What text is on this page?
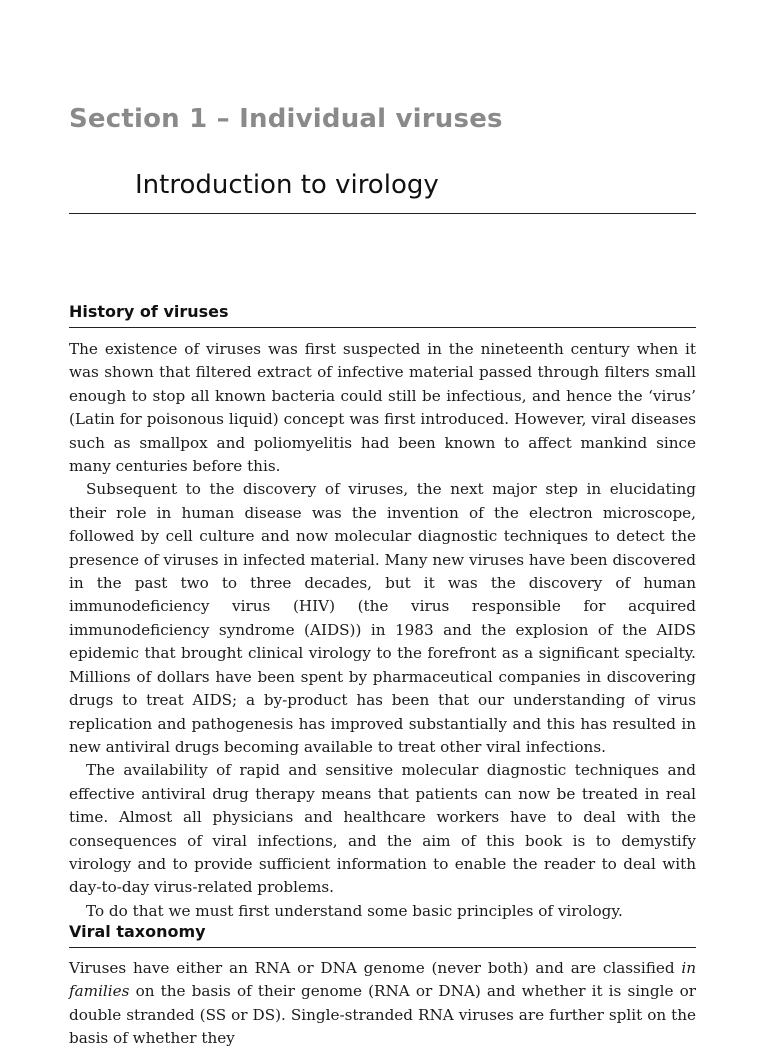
Section 1 – Individual viruses
Introduction to virology
History of viruses

The existence of viruses was first suspected in the nineteenth century when it was shown that filtered extract of infective material passed through filters small enough to stop all known bacteria could still be infectious, and hence the ‘virus’ (Latin for poisonous liquid) concept was first introduced. However, viral diseases such as smallpox and poliomyelitis had been known to affect mankind since many centuries before this.

Subsequent to the discovery of viruses, the next major step in elucidating their role in human disease was the invention of the electron microscope, followed by cell culture and now molecular diagnostic techniques to detect the presence of viruses in infected material. Many new viruses have been discovered in the past two to three decades, but it was the discovery of human immunodeficiency virus (HIV) (the virus responsible for acquired immunodeficiency syndrome (AIDS)) in 1983 and the explosion of the AIDS epidemic that brought clinical virology to the forefront as a significant specialty. Millions of dollars have been spent by pharmaceutical companies in discovering drugs to treat AIDS; a by-product has been that our understanding of virus replication and pathogenesis has improved substantially and this has resulted in new antiviral drugs becoming available to treat other viral infections.

The availability of rapid and sensitive molecular diagnostic techniques and effective antiviral drug therapy means that patients can now be treated in real time. Almost all physicians and healthcare workers have to deal with the consequences of viral infections, and the aim of this book is to demystify virology and to provide sufficient information to enable the reader to deal with day-to-day virus-related problems.

To do that we must first understand some basic principles of virology.

Viral taxonomy

Viruses have either an RNA or DNA genome (never both) and are classified in families on the basis of their genome (RNA or DNA) and whether it is single or double stranded (SS or DS). Single-stranded RNA viruses are further split on the basis of whether they
